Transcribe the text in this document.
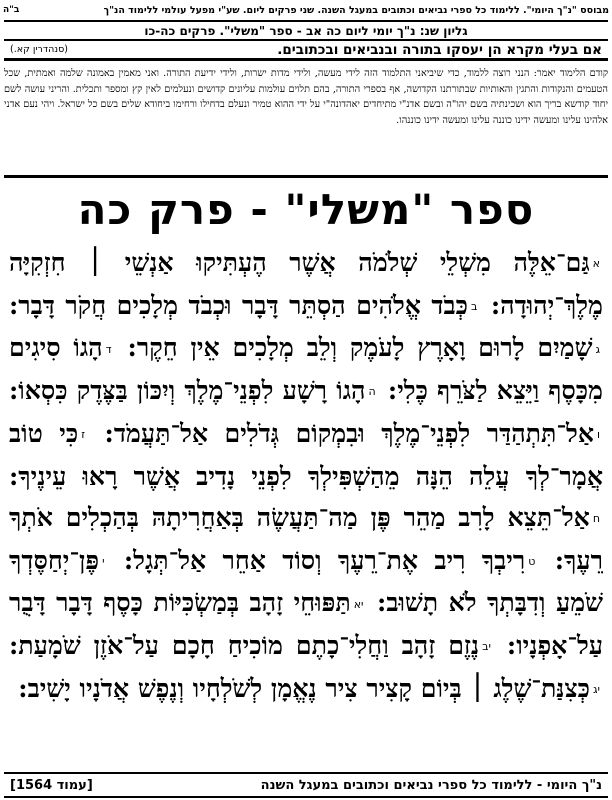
מבוסס "נ"ך היומי". ללימוד כל ספרי נביאים וכתובים במעגל השנה. שני פרקים ליום. שע"י מפעל עולמי ללימוד הנ"ך
ב"ה
גליון שנ: נ"ך יומי ליום כה אב - ספר "משלי". פרקים כה-כו
אם בעלי מקרא הן יעסקו בתורה ובנביאים ובכתובים.
(סנהדרין קא.)
קודם הלימוד יאמר: הנני רוצה ללמוד, כדי שיביאני התלמוד הזה לידי מעשה, ולידי מדות ישרות, ולידי ידיעת התורה. ואני מאמין באמונה שלמה ואמתית, שכל הטעמים והנקודות והתגין והאותיות שבתורתנו הקדושה, אף בספרי התורה, בהם תלוים עולמות עליונים קדושים ונעלמים לאין קץ ומספר ותכלית. והריני עושה לשם יחוד קודשא בריך הוא ושכינתיה בשם יהו"ה ובשם אדנ"י מתיחדים יאהדונה"י על ידי ההוא טמיר ונעלם בדחילו ורחימו ביחודא שלים בשם כל ישראל. ויהי נעם אדני אלהינו עלינו ומעשה ידינו כוננה עלינו ומעשה ידינו כוננהו.
ספר "משלי" - פרק כה
אגַּם־אֵלֶּה מִשְׁלֵי שְׁלֹמֹה אֲשֶׁר הֶעְתִּיקוּ אַנְשֵׁי ׀ חִזְקִיָּה מֶלֶךְ־יְהוּדָה: בכְּבֹד אֱלֹהִים הַסְתֵּר דָּבָר וּכְבֹד מְלָכִים חֲקֹר דָּבָר: גשָׁמַיִם לָרוּם וָאָרֶץ לָעֹמֶק וְלֵב מְלָכִים אֵין חֵקֶר: דהָגוֹ סִיגִים מִכָּסֶף וַיֵּצֵא לַצֹּרֵף כֶּלִי: ההָגוֹ רָשָׁע לִפְנֵי־מֶלֶךְ וְיִכּוֹן בַּצֶּדֶק כִּסְאוֹ: ואַל־תִּתְהַדַּר לִפְנֵי־מֶלֶךְ וּבִמְקוֹם גְּדֹלִים אַל־תַּעֲמֹד: זכִּי טוֹב אֲמָר־לְךָ עֲלֵה הֵנָּה מֵהַשְׁפִּילְךָ לִפְנֵי נָדִיב אֲשֶׁר רָאוּ עֵינֶיךָ: חאַל־תֵּצֵא לָרִב מַהֵר פֶּן מַה־תַּעֲשֶׂה בְּאַחֲרִיתָהּ בְּהַכְלִים אֹתְךָ רֵעֶךָ: טרִיבְךָ רִיב אֶת־רֵעֶךָ וְסוֹד אַחֵר אַל־תְּגָל: יפֶּן־יְחַסֶּדְךָ שֹׁמֵעַ וְדִבָּתְךָ לֹא תָשׁוּב: יאתַּפּוּחֵי זָהָב בְּמַשְׂכִּיּוֹת כָּסֶף דָּבָר דָּבֻר עַל־אָפְנָיו: יבנֶזֶם זָהָב וַחֲלִי־כָתֶם מוֹכִיחַ חָכָם עַל־אֹזֶן שֹׁמָעַת: יגכְּצִנַּת־שֶׁלֶג ׀ בְּיוֹם קָצִיר צִיר נֶאֱמָן לְשֹׁלְחָיו וְנֶפֶשׁ אֲדֹנָיו יָשִׁיב:
נ"ך היומי - ללימוד כל ספרי נביאים וכתובים במעגל השנה
[עמוד 1564]
